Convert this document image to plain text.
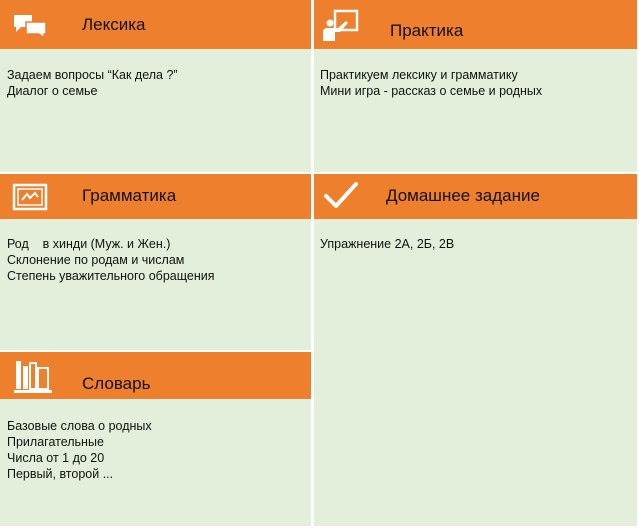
Лексика
Задаем вопросы “Как дела ?”
Диалог о семье
Практика
Практикуем лексику и грамматику
Мини игра - рассказ о семье и родных
Грамматика
Род    в хинди (Муж. и Жен.)
Склонение по родам и числам
Степень уважительного обращения
Домашнее задание
Упражнение 2А, 2Б, 2В
Словарь
Базовые слова о родных
Прилагательные
Числа от 1 до 20
Первый, второй ...
